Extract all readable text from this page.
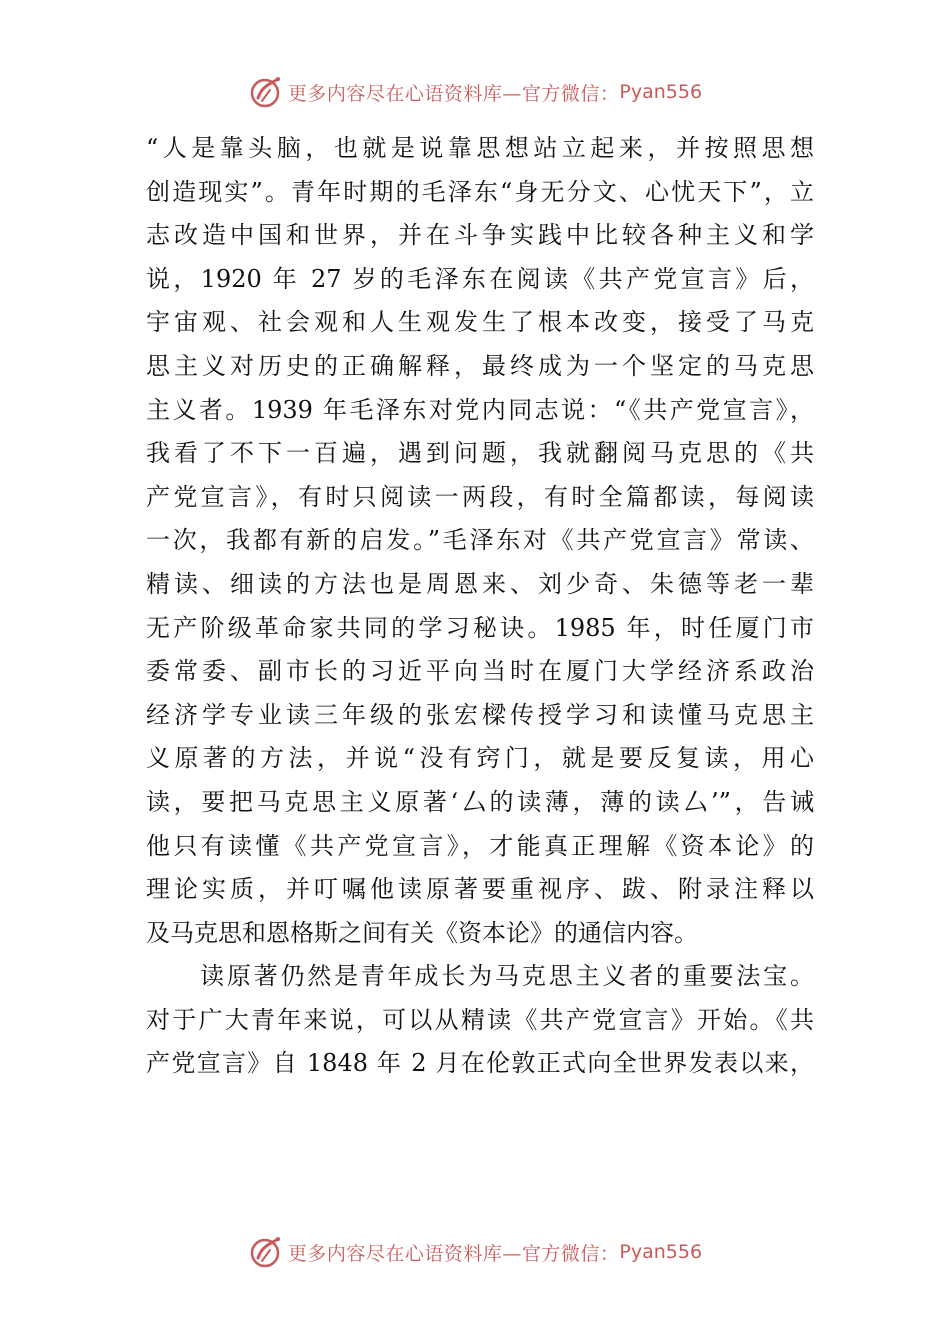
更多内容尽在心语资料库—官方微信： Pyan556
“人是靠头脑，也就是说靠思想站立起来，并按照思想
创造现实”。青年时期的毛泽东“身无分文、心忧天下”，立
志改造中国和世界，并在斗争实践中比较各种主义和学
说，1920 年 27 岁的毛泽东在阅读《共产党宣言》后，
宇宙观、社会观和人生观发生了根本改变，接受了马克
思主义对历史的正确解释，最终成为一个坚定的马克思
主义者。1939 年毛泽东对党内同志说：“《共产党宣言》，
我看了不下一百遍，遇到问题，我就翻阅马克思的《共
产党宣言》，有时只阅读一两段，有时全篇都读，每阅读
一次，我都有新的启发。”毛泽东对《共产党宣言》常读、
精读、细读的方法也是周恩来、刘少奇、朱德等老一辈
无产阶级革命家共同的学习秘诀。1985 年，时任厦门市
委常委、副市长的习近平向当时在厦门大学经济系政治
经济学专业读三年级的张宏樑传授学习和读懂马克思主
义原著的方法，并说“没有窍门，就是要反复读，用心
读，要把马克思主义原著‘厶的读薄，薄的读厶’”，告诫
他只有读懂《共产党宣言》，才能真正理解《资本论》的
理论实质，并叮嘱他读原著要重视序、跋、附录注释以
及马克思和恩格斯之间有关《资本论》的通信内容。
读原著仍然是青年成长为马克思主义者的重要法宝。
对于广大青年来说，可以从精读《共产党宣言》开始。《共
产党宣言》自 1848 年 2 月在伦敦正式向全世界发表以来，
更多内容尽在心语资料库—官方微信： Pyan556
